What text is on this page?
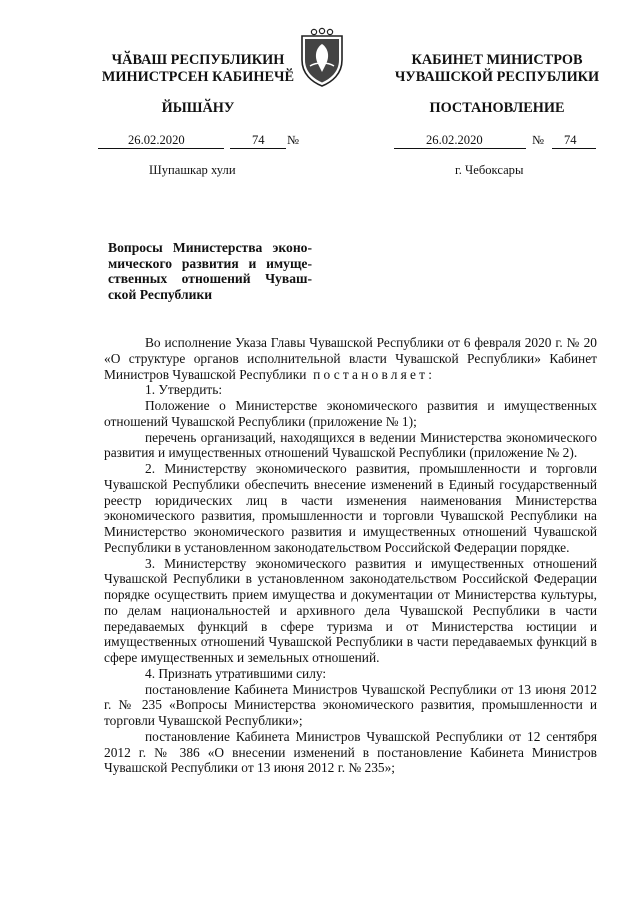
ЧӐВАШ РЕСПУБЛИКИН
МИНИСТРСЕН КАБИНЕЧӖ
ЙЫШӐНУ
КАБИНЕТ МИНИСТРОВ
ЧУВАШСКОЙ РЕСПУБЛИКИ
ПОСТАНОВЛЕНИЕ
26.02.2020	74 №	26.02.2020	№ 74
Шупашкар хули	г. Чебоксары
Вопросы Министерства эконо-
мического развития и имуще-
ственных отношений Чуваш-
ской Республики

Во исполнение Указа Главы Чувашской Республики от 6 февраля 2020 г. № 20 «О структуре органов исполнительной власти Чувашской Республики» Кабинет Министров Чувашской Республики постановляет:

1. Утвердить:

Положение о Министерстве экономического развития и имущественных отношений Чувашской Республики (приложение № 1);

перечень организаций, находящихся в ведении Министерства экономического развития и имущественных отношений Чувашской Республики (приложение № 2).

2. Министерству экономического развития, промышленности и торговли Чувашской Республики обеспечить внесение изменений в Единый государственный реестр юридических лиц в части изменения наименования Министерства экономического развития, промышленности и торговли Чувашской Республики на Министерство экономического развития и имущественных отношений Чувашской Республики в установленном законодательством Российской Федерации порядке.

3. Министерству экономического развития и имущественных отношений Чувашской Республики в установленном законодательством Российской Федерации порядке осуществить прием имущества и документации от Министерства культуры, по делам национальностей и архивного дела Чувашской Республики в части передаваемых функций в сфере туризма и от Министерства юстиции и имущественных отношений Чувашской Республики в части передаваемых функций в сфере имущественных и земельных отношений.

4. Признать утратившими силу:

постановление Кабинета Министров Чувашской Республики от 13 июня 2012 г. № 235 «Вопросы Министерства экономического развития, промышленности и торговли Чувашской Республики»;

постановление Кабинета Министров Чувашской Республики от 12 сентября 2012 г. № 386 «О внесении изменений в постановление Кабинета Министров Чувашской Республики от 13 июня 2012 г. № 235»;
